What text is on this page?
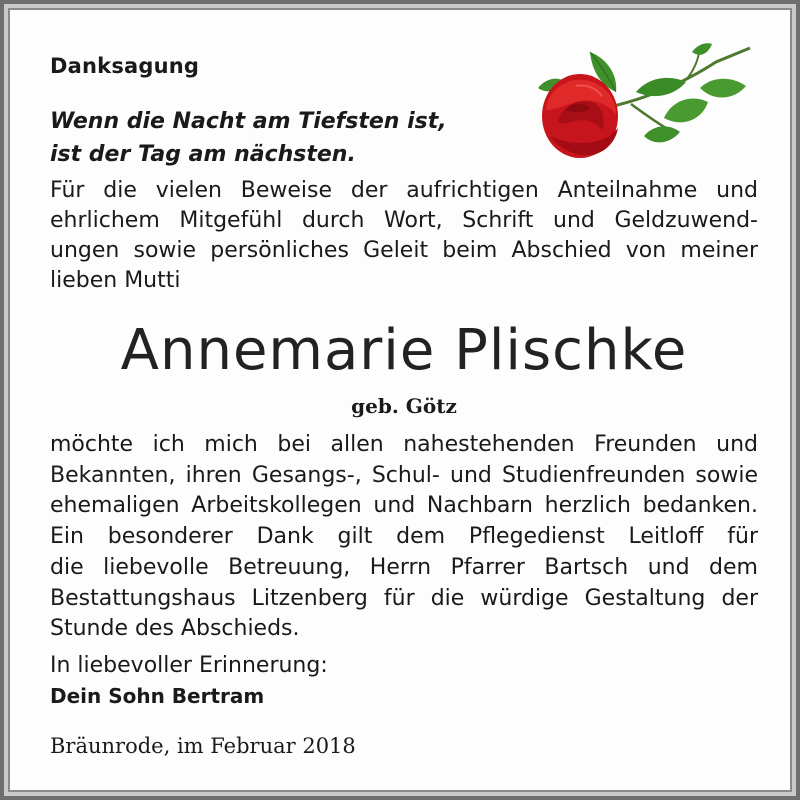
Danksagung
Wenn die Nacht am Tiefsten ist,
ist der Tag am nächsten.
Für die vielen Beweise der aufrichtigen Anteilnahme und
ehrlichem Mitgefühl durch Wort, Schrift und Geldzuwend-
ungen sowie persönliches Geleit beim Abschied von meiner
lieben Mutti
Annemarie Plischke
geb. Götz
möchte ich mich bei allen nahestehenden Freunden und
Bekannten, ihren Gesangs-, Schul- und Studienfreunden sowie
ehemaligen Arbeitskollegen und Nachbarn herzlich bedanken.
Ein besonderer Dank gilt dem Pflegedienst Leitloff für
die liebevolle Betreuung, Herrn Pfarrer Bartsch und dem
Bestattungshaus Litzenberg für die würdige Gestaltung der
Stunde des Abschieds.
In liebevoller Erinnerung:
Dein Sohn Bertram
Bräunrode, im Februar 2018
